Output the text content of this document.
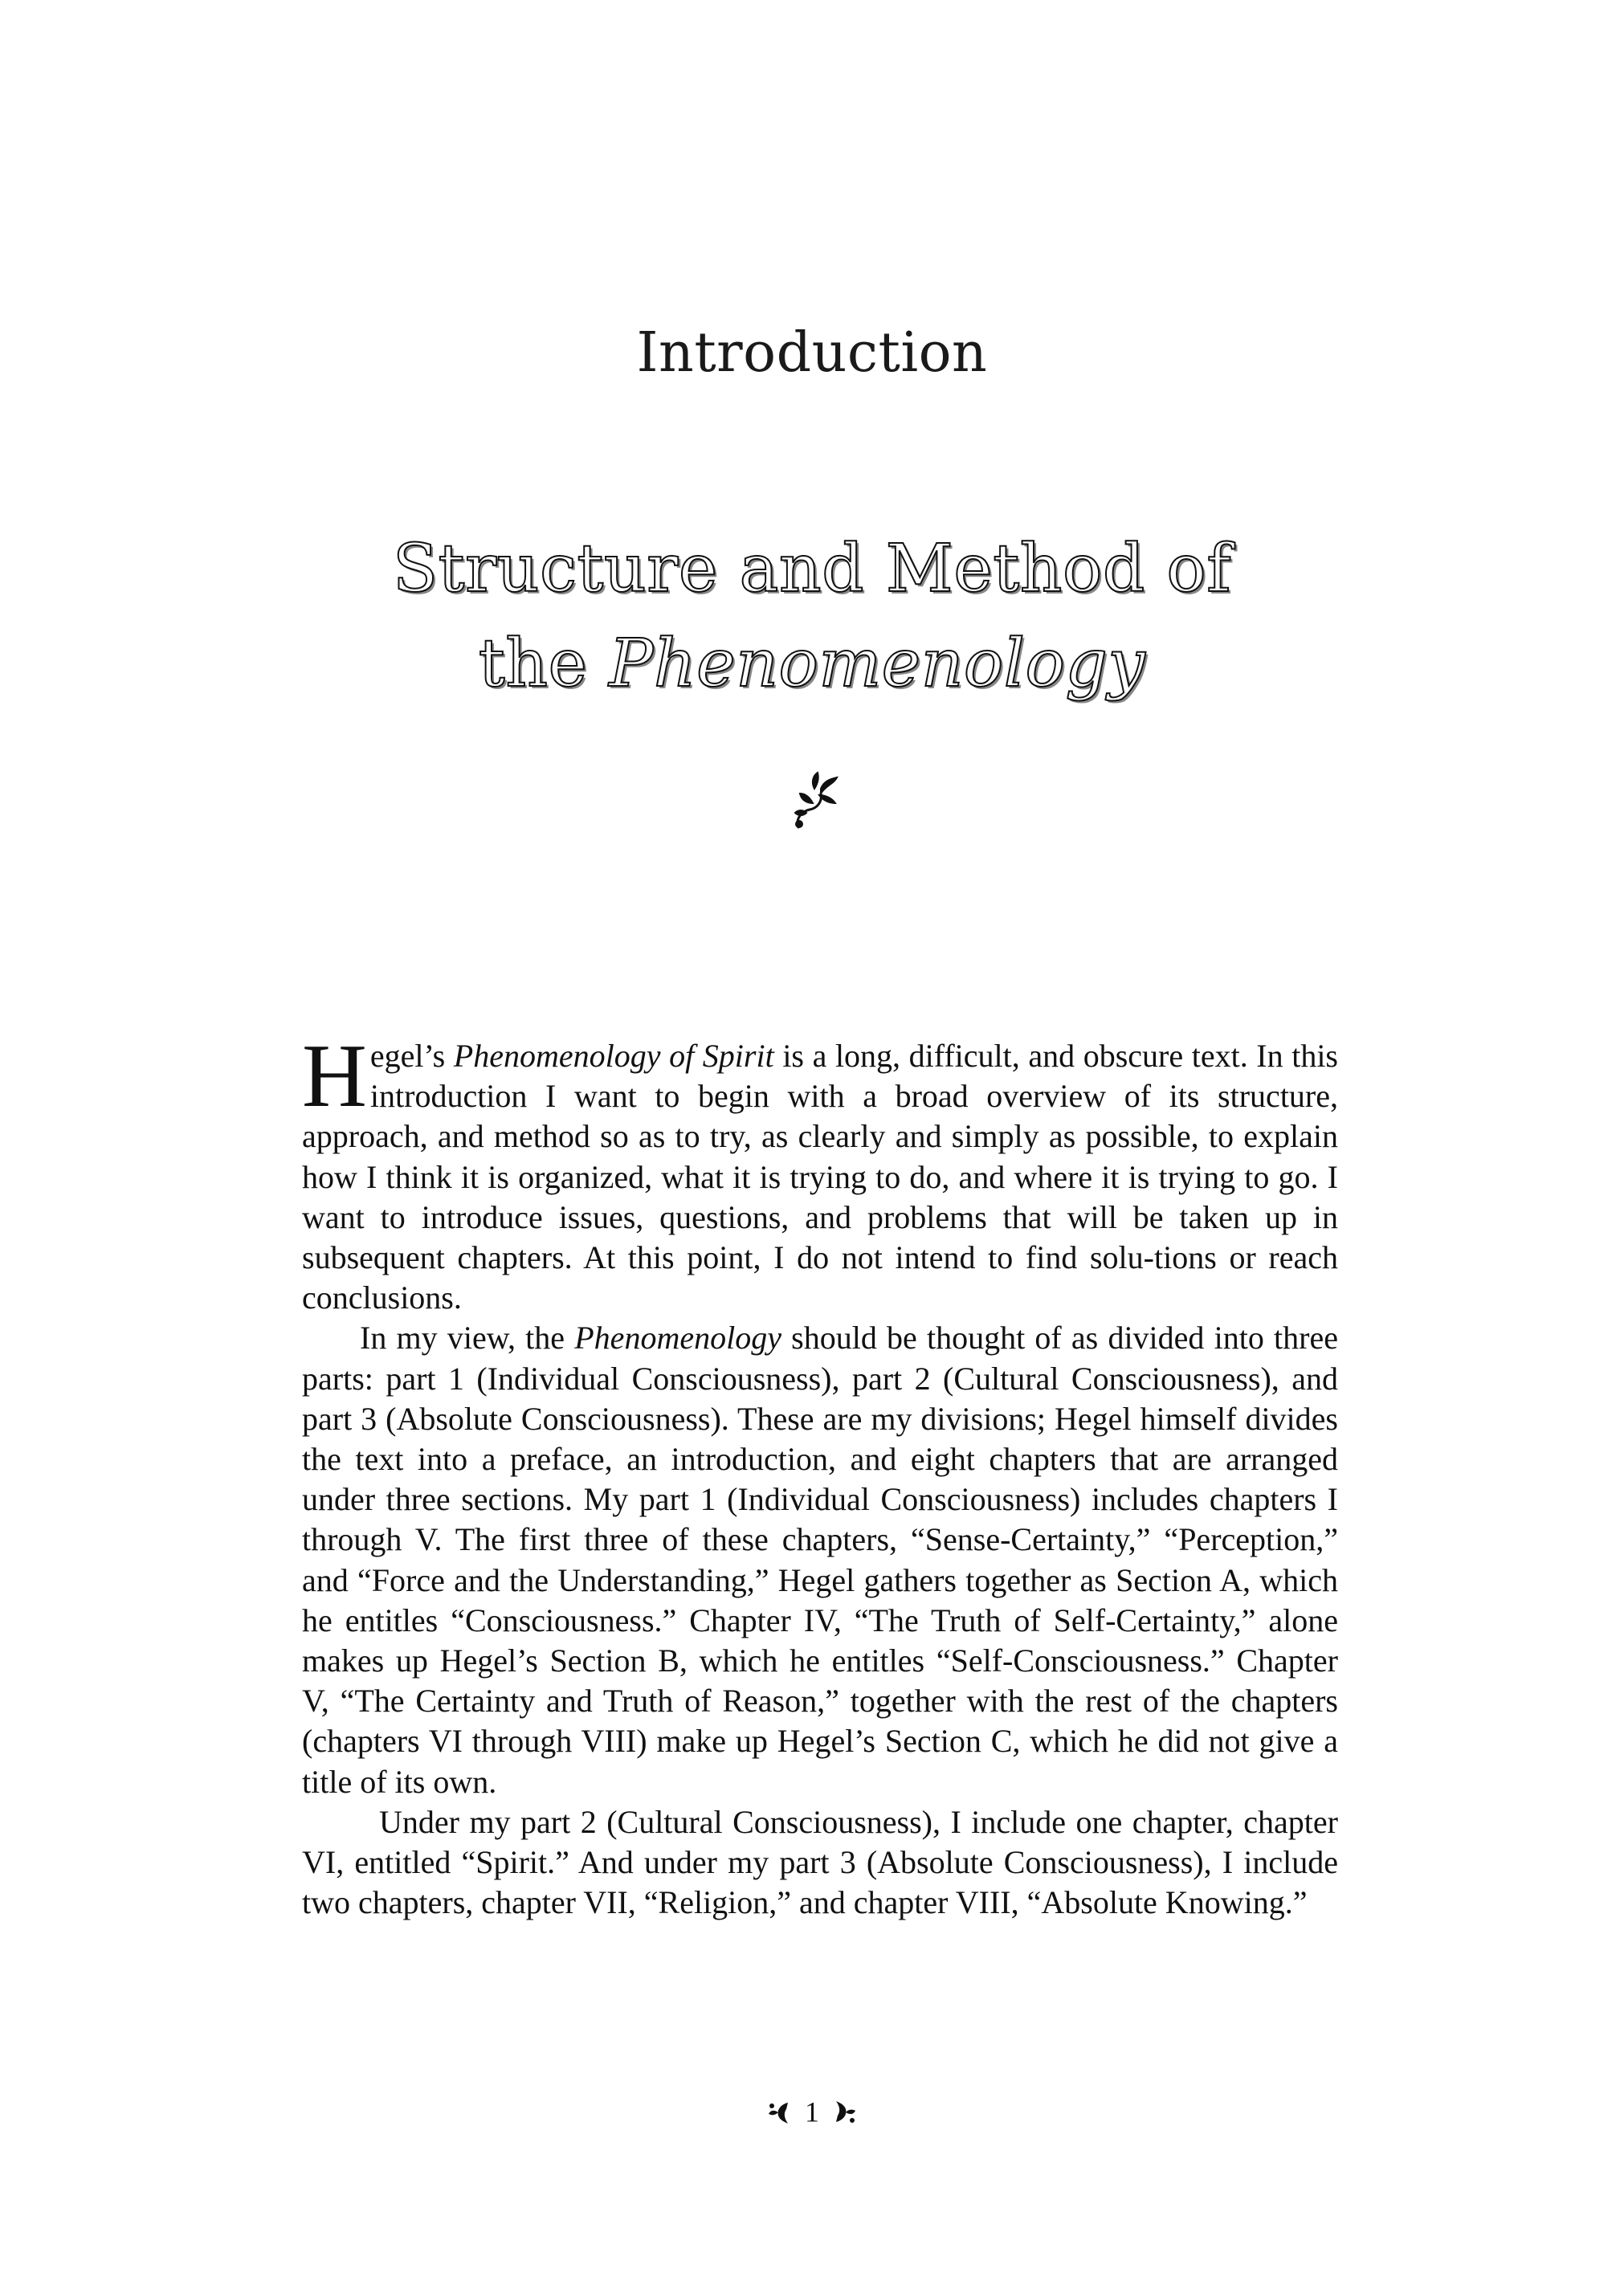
Introduction
Structure and Method of
the Phenomenology

Hegel’s Phenomenology of Spirit is a long, difficult, and obscure text. In this introduction I want to begin with a broad overview of its structure, approach, and method so as to try, as clearly and simply as possible, to explain how I think it is organized, what it is trying to do, and where it is trying to go. I want to introduce issues, questions, and problems that will be taken up in subsequent chapters. At this point, I do not intend to find solu-tions or reach conclusions.

In my view, the Phenomenology should be thought of as divided into three parts: part 1 (Individual Consciousness), part 2 (Cultural Consciousness), and part 3 (Absolute Consciousness). These are my divisions; Hegel himself divides the text into a preface, an introduction, and eight chapters that are arranged under three sections. My part 1 (Individual Consciousness) includes chapters I through V. The first three of these chapters, “Sense-Certainty,” “Perception,” and “Force and the Understanding,” Hegel gathers together as Section A, which he entitles “Consciousness.” Chapter IV, “The Truth of Self-Certainty,” alone makes up Hegel’s Section B, which he entitles “Self-Consciousness.” Chapter V, “The Certainty and Truth of Reason,” together with the rest of the chapters (chapters VI through VIII) make up Hegel’s Section C, which he did not give a title of its own.

Under my part 2 (Cultural Consciousness), I include one chapter, chapter VI, entitled “Spirit.” And under my part 3 (Absolute Consciousness), I include two chapters, chapter VII, “Religion,” and chapter VIII, “Absolute Knowing.”

1
